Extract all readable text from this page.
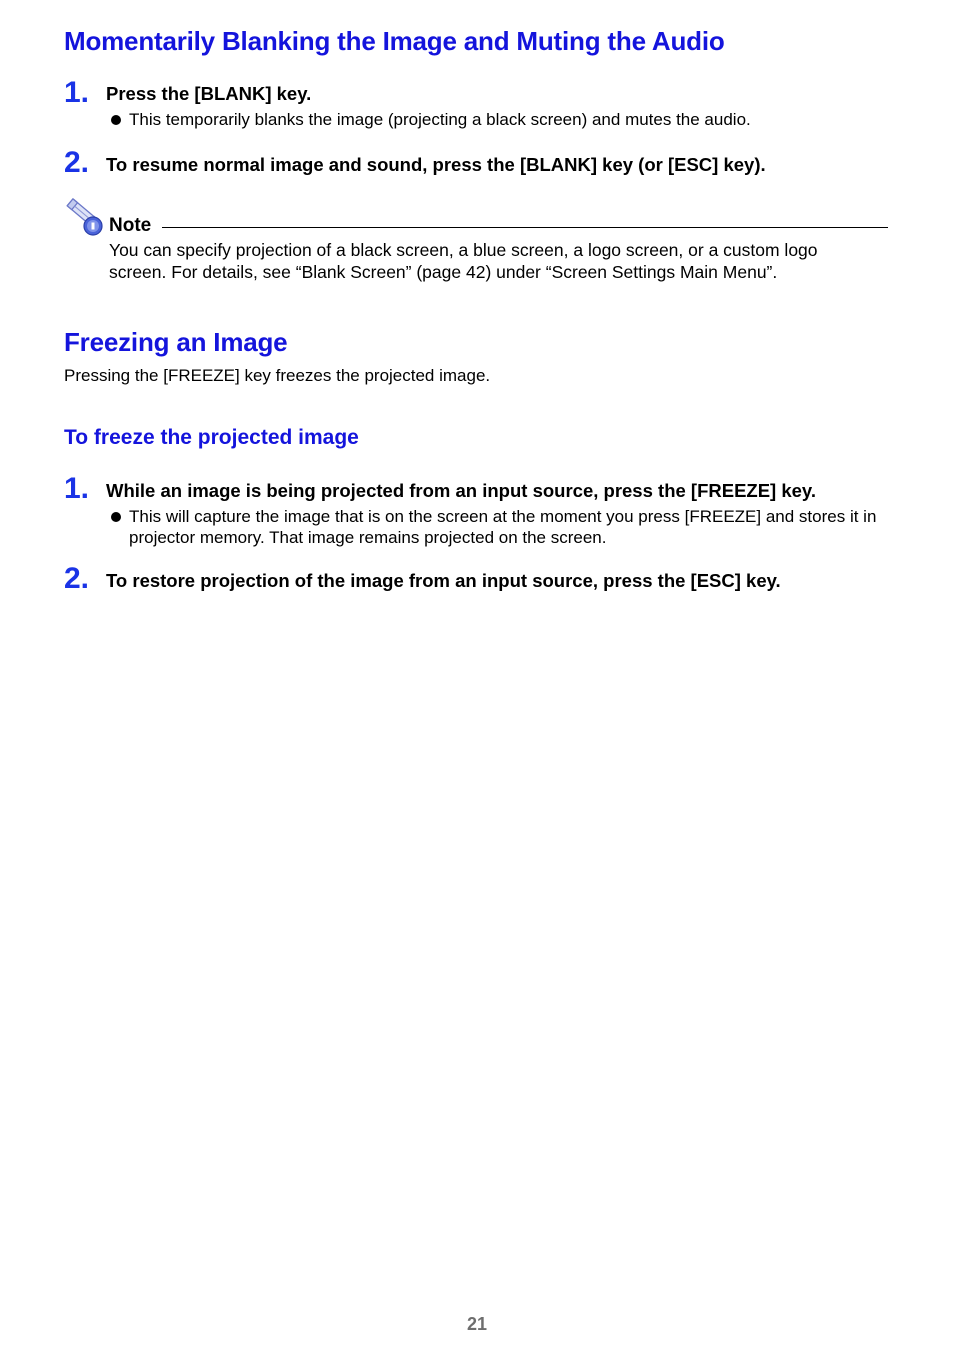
Momentarily Blanking the Image and Muting the Audio
1. Press the [BLANK] key.
This temporarily blanks the image (projecting a black screen) and mutes the audio.
2. To resume normal image and sound, press the [BLANK] key (or [ESC] key).
Note
You can specify projection of a black screen, a blue screen, a logo screen, or a custom logo screen. For details, see “Blank Screen” (page 42) under “Screen Settings Main Menu”.
Freezing an Image
Pressing the [FREEZE] key freezes the projected image.
To freeze the projected image
1. While an image is being projected from an input source, press the [FREEZE] key.
This will capture the image that is on the screen at the moment you press [FREEZE] and stores it in projector memory. That image remains projected on the screen.
2. To restore projection of the image from an input source, press the [ESC] key.
21
